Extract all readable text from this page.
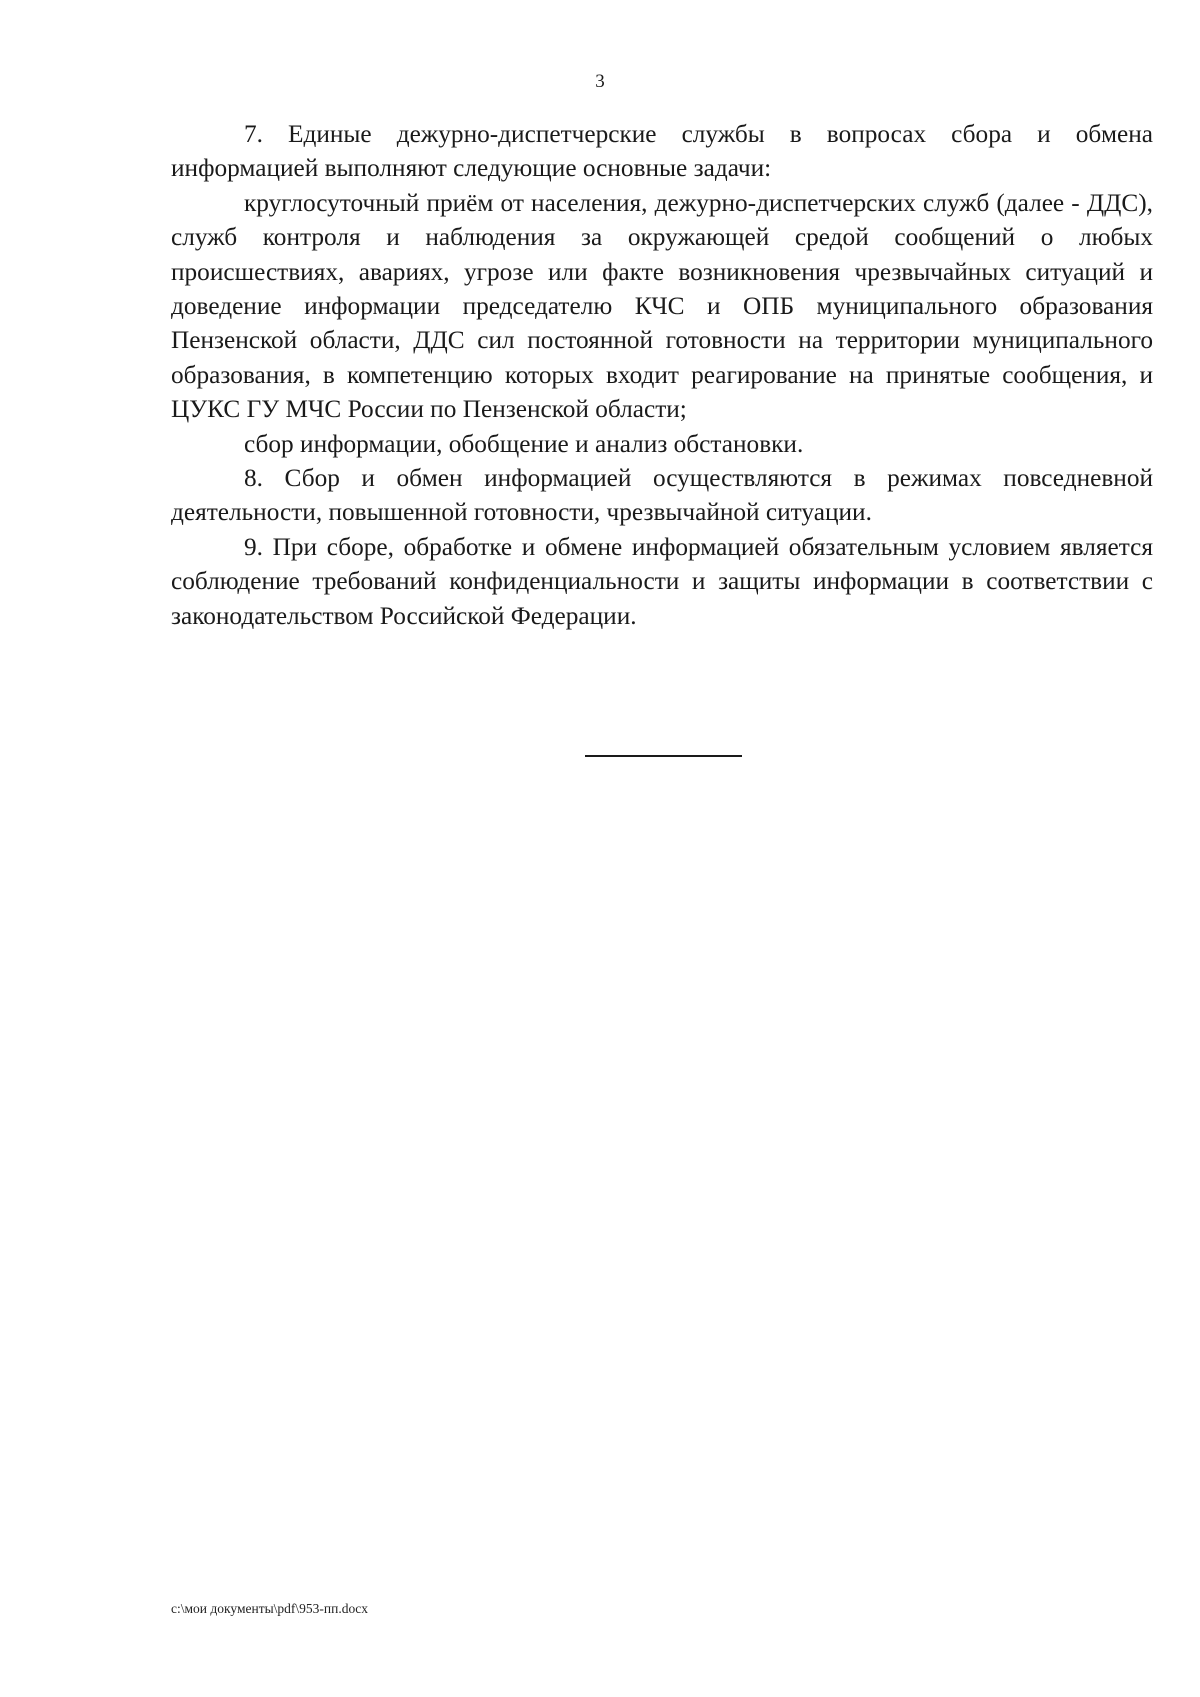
3

7. Единые дежурно-диспетчерские службы в вопросах сбора и обмена информацией выполняют следующие основные задачи:

круглосуточный приём от населения, дежурно-диспетчерских служб (далее - ДДС), служб контроля и наблюдения за окружающей средой сообщений о любых происшествиях, авариях, угрозе или факте возникновения чрезвычайных ситуаций и доведение информации председателю КЧС и ОПБ муниципального образования Пензенской области, ДДС сил постоянной готовности на территории муниципального образования, в компетенцию которых входит реагирование на принятые сообщения, и ЦУКС ГУ МЧС России по Пензенской области;

сбор информации, обобщение и анализ обстановки.

8. Сбор и обмен информацией осуществляются в режимах повседневной деятельности, повышенной готовности, чрезвычайной ситуации.

9. При сборе, обработке и обмене информацией обязательным условием является соблюдение требований конфиденциальности и защиты информации в соответствии с законодательством Российской Федерации.

c:\мои документы\pdf\953-пп.docx
